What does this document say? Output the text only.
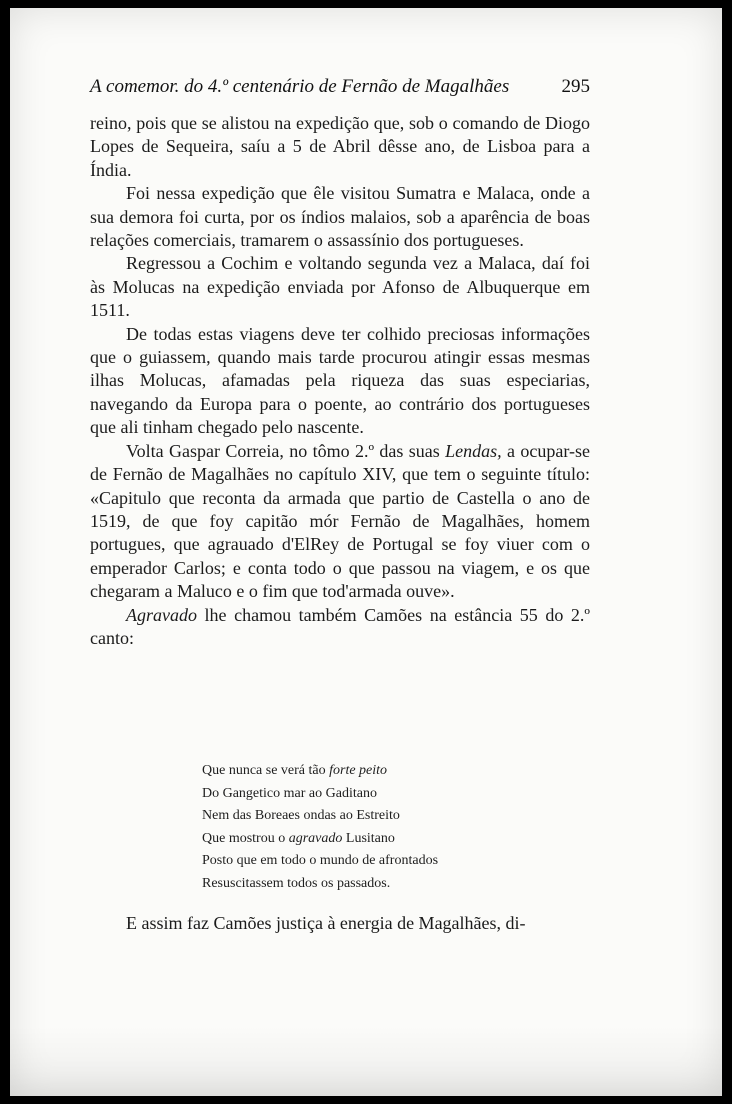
A comemor. do 4.º centenário de Fernão de Magalhães	295

reino, pois que se alistou na expedição que, sob o comando de Diogo Lopes de Sequeira, saíu a 5 de Abril dêsse ano, de Lisboa para a Índia.

Foi nessa expedição que êle visitou Sumatra e Malaca, onde a sua demora foi curta, por os índios malaios, sob a aparência de boas relações comerciais, tramarem o assassínio dos portugueses.

Regressou a Cochim e voltando segunda vez a Malaca, daí foi às Molucas na expedição enviada por Afonso de Albuquerque em 1511.

De todas estas viagens deve ter colhido preciosas informações que o guiassem, quando mais tarde procurou atingir essas mesmas ilhas Molucas, afamadas pela riqueza das suas especiarias, navegando da Europa para o poente, ao contrário dos portugueses que ali tinham chegado pelo nascente.

Volta Gaspar Correia, no tômo 2.º das suas Lendas, a ocupar-se de Fernão de Magalhães no capítulo XIV, que tem o seguinte título: «Capitulo que reconta da armada que partio de Castella o ano de 1519, de que foy capitão mór Fernão de Magalhães, homem portugues, que agrauado d'ElRey de Portugal se foy viuer com o emperador Carlos; e conta todo o que passou na viagem, e os que chegaram a Maluco e o fim que tod'armada ouve».

Agravado lhe chamou também Camões na estância 55 do 2.º canto:

Que nunca se verá tão forte peito
Do Gangetico mar ao Gaditano
Nem das Boreaes ondas ao Estreito
Que mostrou o agravado Lusitano
Posto que em todo o mundo de afrontados
Resuscitassem todos os passados.

E assim faz Camões justiça à energia de Magalhães, di-
